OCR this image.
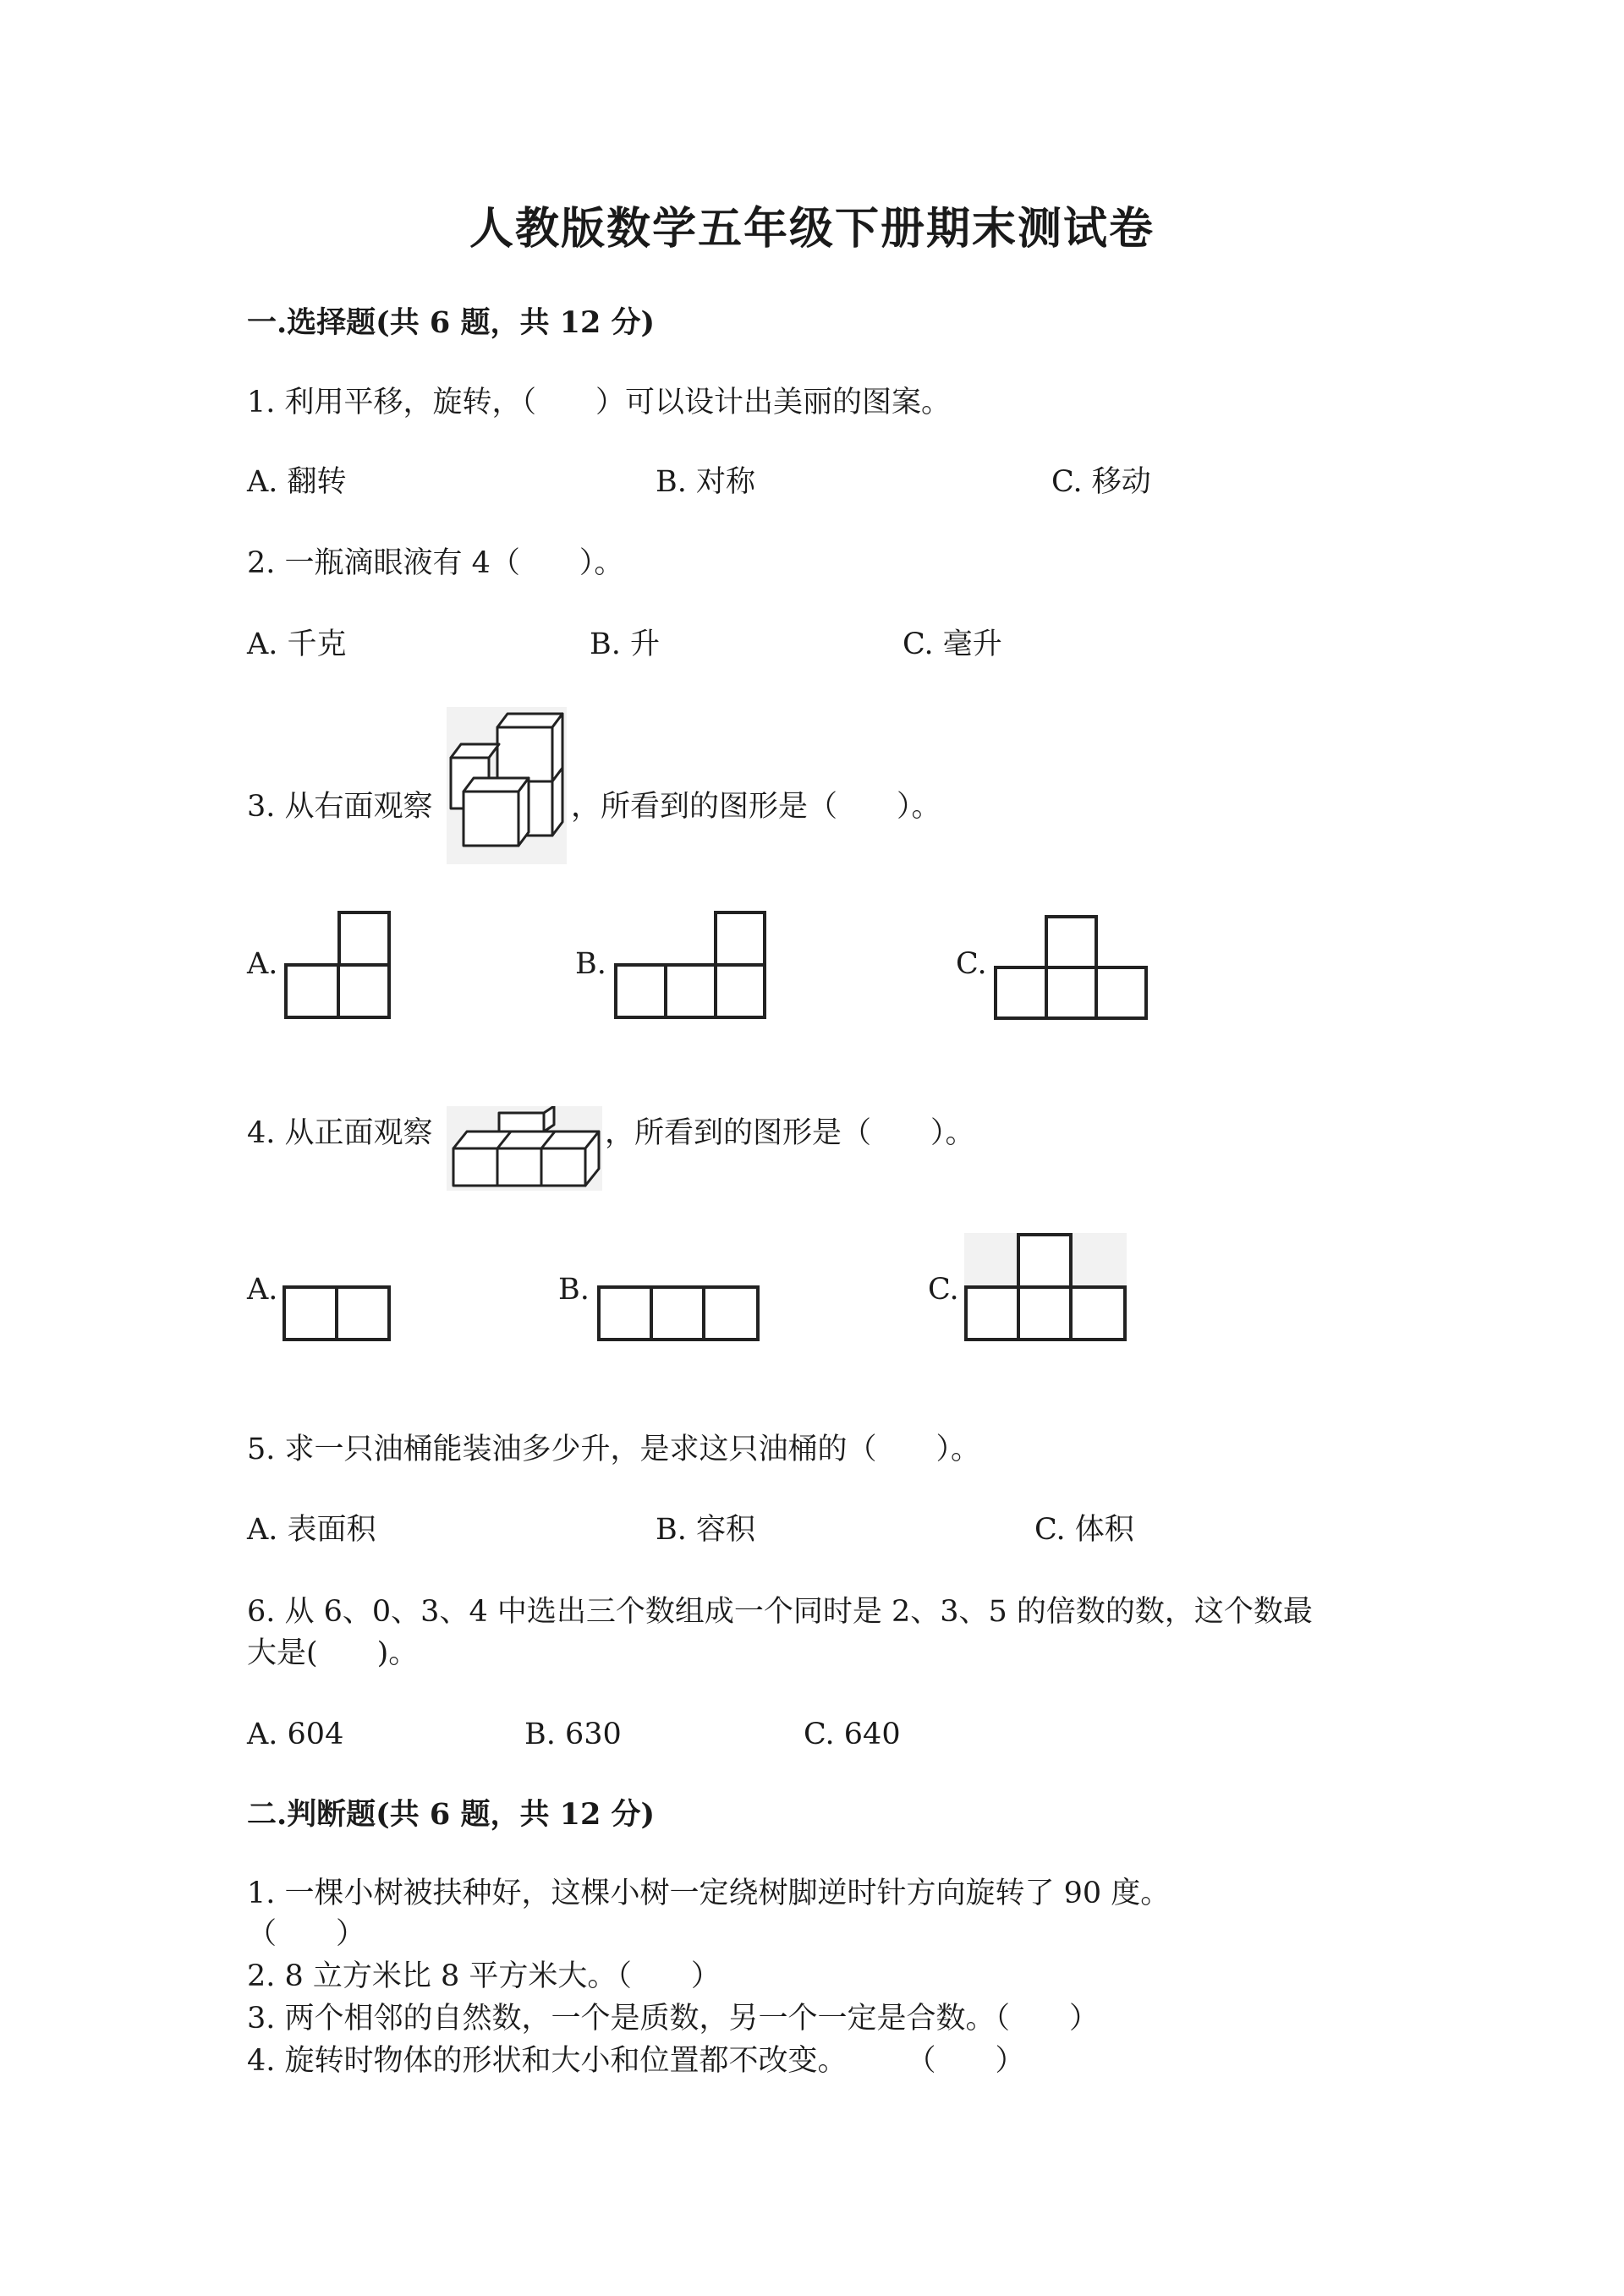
人教版数学五年级下册期末测试卷
一.选择题(共 6 题，共 12 分)
1. 利用平移，旋转，（　　）可以设计出美丽的图案。
A. 翻转	B. 对称	C. 移动
2. 一瓶滴眼液有 4（　　）。
A. 千克	B. 升	C. 毫升
3. 从右面观察	，所看到的图形是（　　）。
A.	B.	C.
4. 从正面观察	，所看到的图形是（　　）。
A.	B.	C.
5. 求一只油桶能装油多少升，是求这只油桶的（　　）。
A. 表面积	B. 容积	C. 体积
6. 从 6、0、3、4 中选出三个数组成一个同时是 2、3、5 的倍数的数，这个数最
大是(　　)。
A. 604	B. 630	C. 640
二.判断题(共 6 题，共 12 分)
1. 一棵小树被扶种好，这棵小树一定绕树脚逆时针方向旋转了 90 度。
（　　）
2. 8 立方米比 8 平方米大。（　　）
3. 两个相邻的自然数，一个是质数，另一个一定是合数。（　　）
4. 旋转时物体的形状和大小和位置都不改变。　　　（　　）
